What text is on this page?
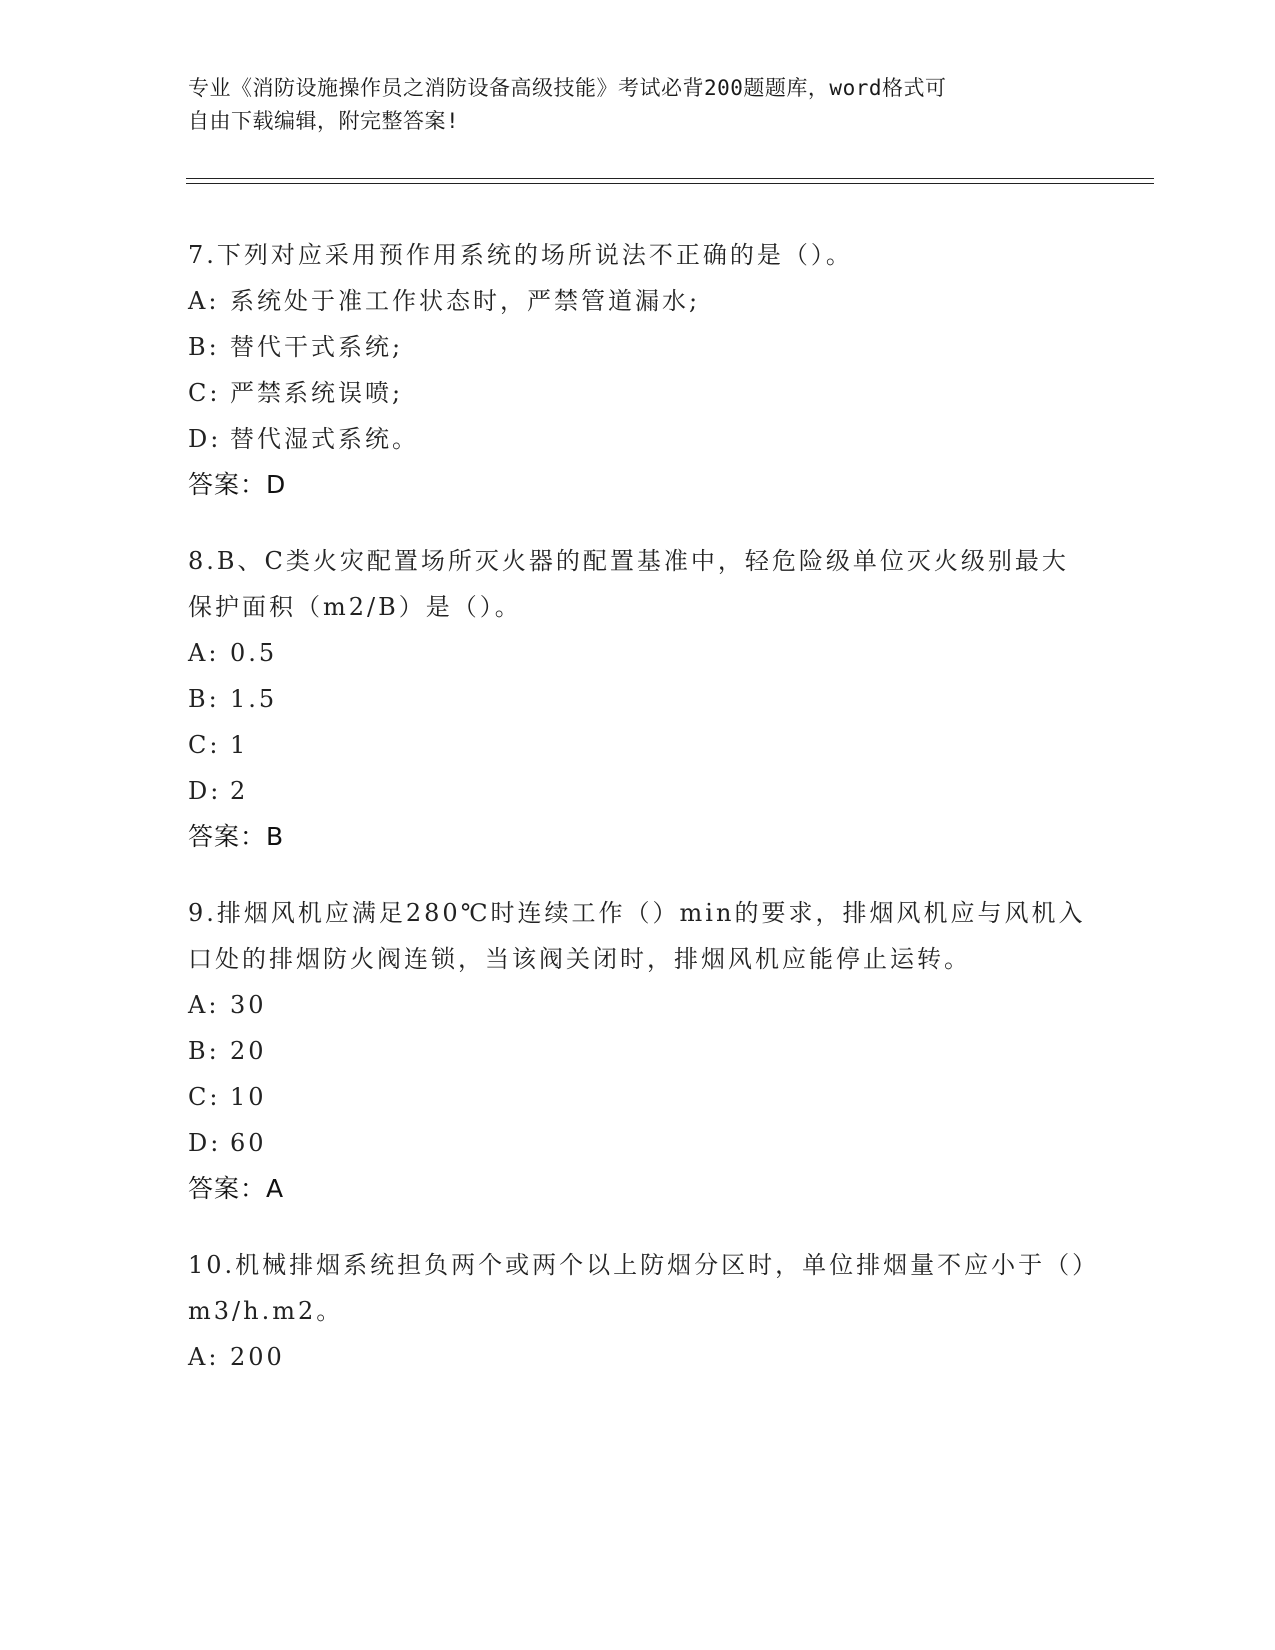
专业《消防设施操作员之消防设备高级技能》考试必背200题题库，word格式可
自由下载编辑，附完整答案!
7.下列对应采用预作用系统的场所说法不正确的是（）。
A: 系统处于准工作状态时，严禁管道漏水;
B: 替代干式系统;
C: 严禁系统误喷;
D: 替代湿式系统。
答案：D
8.B、C类火灾配置场所灭火器的配置基准中，轻危险级单位灭火级别最大保护面积（m2/B）是（）。
A: 0.5
B: 1.5
C: 1
D: 2
答案：B
9.排烟风机应满足280℃时连续工作（）min的要求，排烟风机应与风机入口处的排烟防火阀连锁，当该阀关闭时，排烟风机应能停止运转。
A: 30
B: 20
C: 10
D: 60
答案：A
10.机械排烟系统担负两个或两个以上防烟分区时，单位排烟量不应小于（）m3/h.m2。
A: 200
